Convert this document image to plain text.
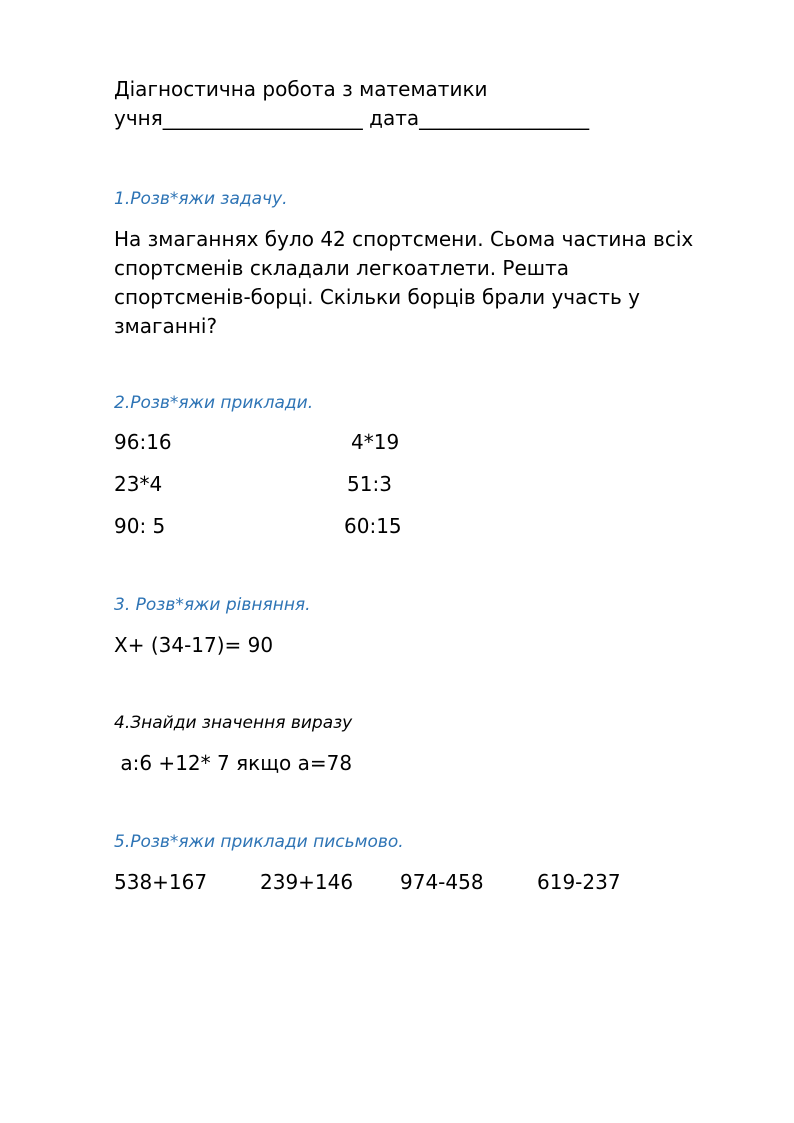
Діагностична робота з математики
учня____________________ дата_________________
1.Розв*яжи задачу.
На змаганнях було 42 спортсмени. Сьома частина всіх
спортсменів складали легкоатлети. Решта
спортсменів-борці. Скільки борців брали участь у
змаганні?
2.Розв*яжи приклади.
96:16	4*19
23*4	51:3
90: 5	60:15
3. Розв*яжи рівняння.
X+ (34-17)= 90
4.Знайди значення виразу
a:6 +12* 7 якщо а=78
5.Розв*яжи приклади письмово.
538+167	239+146 974-458	619-237
